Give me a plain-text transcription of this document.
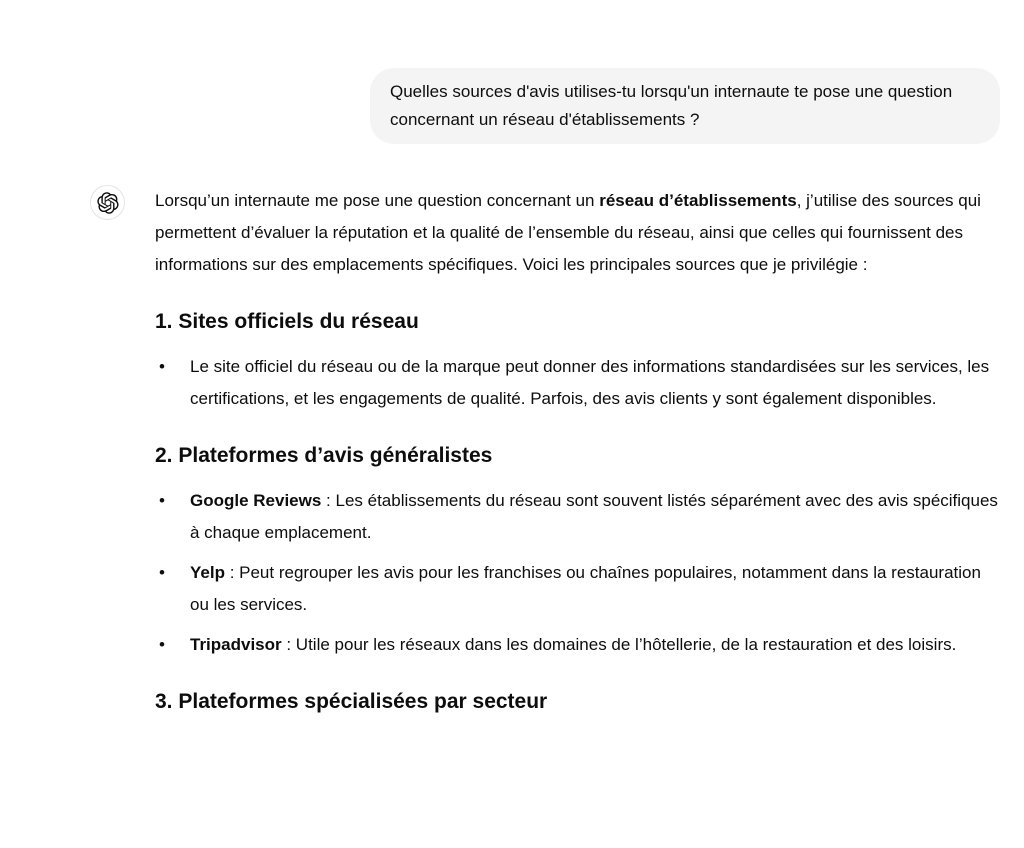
Quelles sources d'avis utilises-tu lorsqu'un internaute te pose une question concernant un réseau d'établissements ?

Lorsqu’un internaute me pose une question concernant un réseau d’établissements, j’utilise des sources qui permettent d’évaluer la réputation et la qualité de l’ensemble du réseau, ainsi que celles qui fournissent des informations sur des emplacements spécifiques. Voici les principales sources que je privilégie :

1. Sites officiels du réseau
• Le site officiel du réseau ou de la marque peut donner des informations standardisées sur les services, les certifications, et les engagements de qualité. Parfois, des avis clients y sont également disponibles.
2. Plateformes d’avis généralistes
• Google Reviews : Les établissements du réseau sont souvent listés séparément avec des avis spécifiques à chaque emplacement.
• Yelp : Peut regrouper les avis pour les franchises ou chaînes populaires, notamment dans la restauration ou les services.
• Tripadvisor : Utile pour les réseaux dans les domaines de l’hôtellerie, de la restauration et des loisirs.
3. Plateformes spécialisées par secteur
